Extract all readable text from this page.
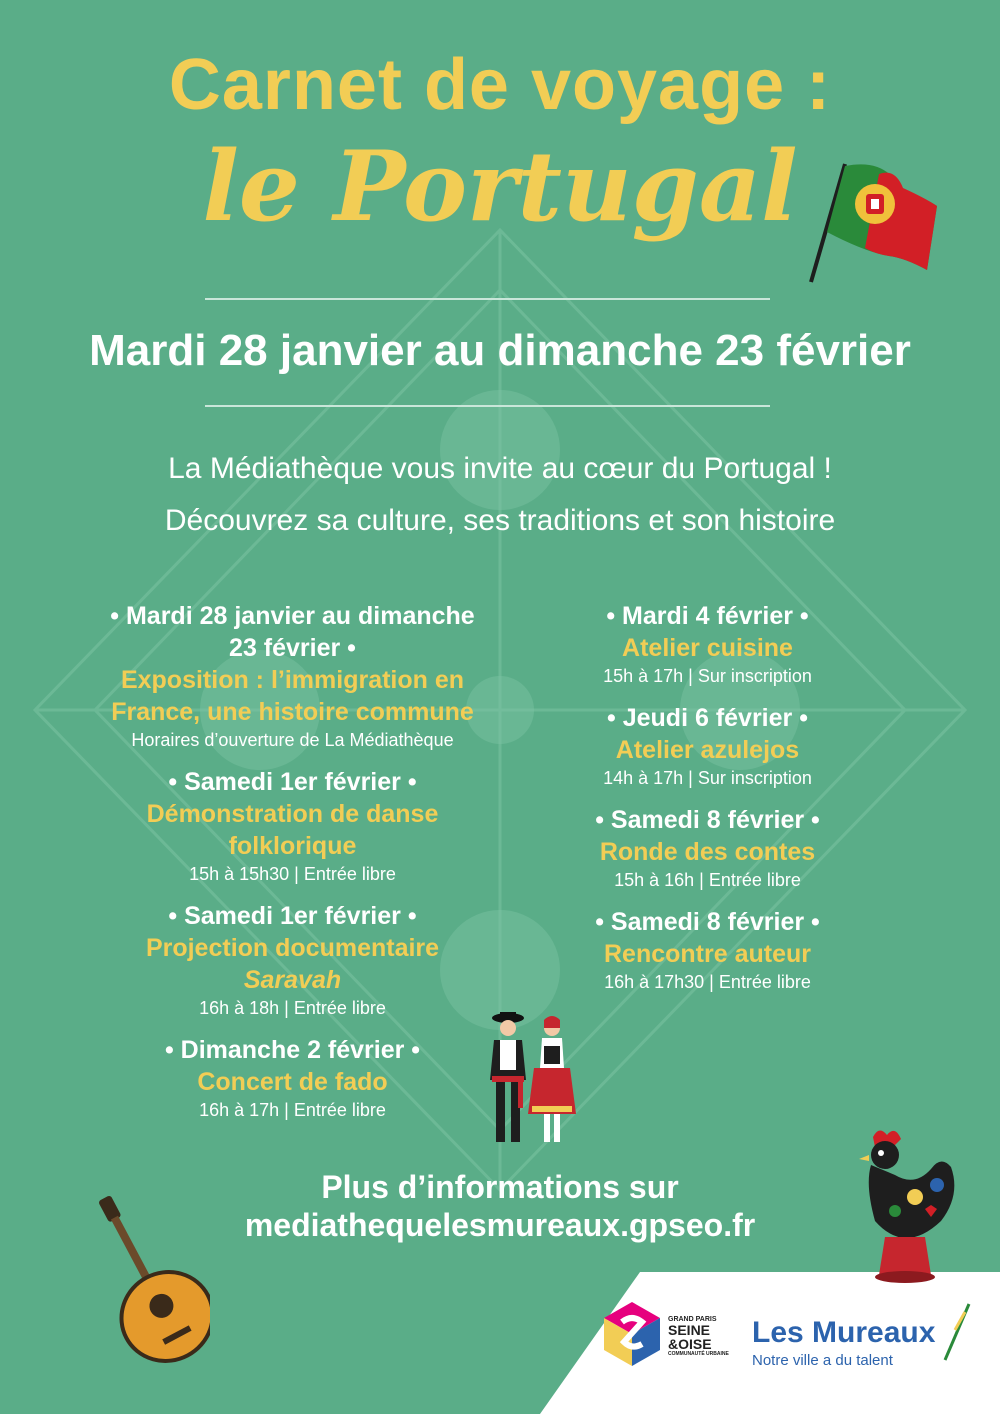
Carnet de voyage :
le Portugal
Mardi 28 janvier au dimanche 23 février
La Médiathèque vous invite au cœur du Portugal !
Découvrez sa culture, ses traditions et son histoire
• Mardi 28 janvier au dimanche 23 février •
Exposition : l’immigration en France, une histoire commune
Horaires d’ouverture de La Médiathèque
• Samedi 1er février •
Démonstration de danse folklorique
15h à 15h30 | Entrée libre
• Samedi 1er février •
Projection documentaire
Saravah
16h à 18h | Entrée libre
• Dimanche 2 février •
Concert de fado
16h à 17h | Entrée libre
• Mardi 4 février •
Atelier cuisine
15h à 17h | Sur inscription
• Jeudi 6 février •
Atelier azulejos
14h à 17h | Sur inscription
• Samedi 8 février •
Ronde des contes
15h à 16h | Entrée libre
• Samedi 8 février •
Rencontre auteur
16h à 17h30 | Entrée libre
Plus d’informations sur
mediathequelesmureaux.gpseo.fr
GRAND PARIS
SEINE
&OISE
COMMUNAUTÉ URBAINE
Les Mureaux
Notre ville a du talent
